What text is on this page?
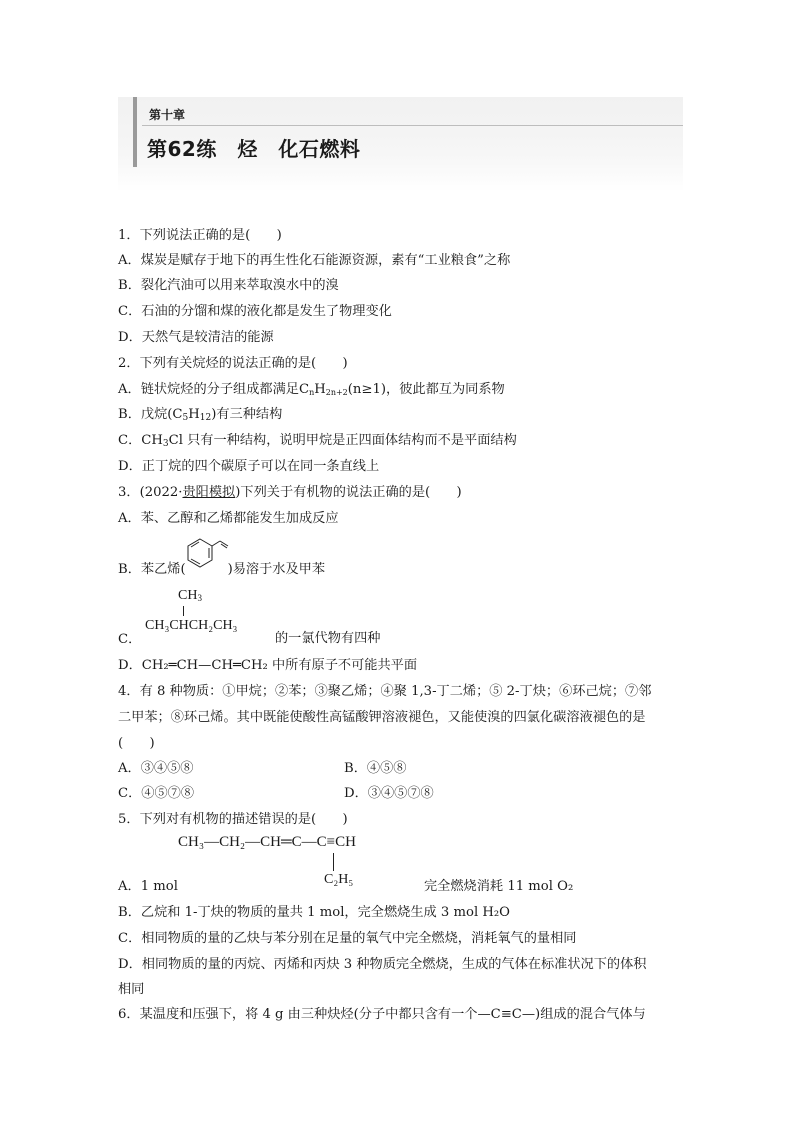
第十章
第62练　烃　化石燃料
1．下列说法正确的是(　　)
A．煤炭是赋存于地下的再生性化石能源资源，素有“工业粮食”之称
B．裂化汽油可以用来萃取溴水中的溴
C．石油的分馏和煤的液化都是发生了物理变化
D．天然气是较清洁的能源
2．下列有关烷烃的说法正确的是(　　)
A．链状烷烃的分子组成都满足CnH2n+2(n≥1)，彼此都互为同系物
B．戊烷$(C_5H_{12})$有三种结构
C．$CH_3Cl$ 只有一种结构，说明甲烷是正四面体结构而不是平面结构
D．正丁烷的四个碳原子可以在同一条直线上
3．(2022·贵阳模拟)下列关于有机物的说法正确的是(　　)
A．苯、乙醇和乙烯都能发生加成反应
B．苯乙烯(	)易溶于水及甲苯
$CH_3$
CH₃CHCH₂CH₃
C．	的一氯代物有四种
D．CH₂═CH—CH═CH₂ 中所有原子不可能共平面
4．有 8 种物质：①甲烷；②苯；③聚乙烯；④聚 1,3-丁二烯；⑤ 2-丁炔；⑥环己烷；⑦邻
二甲苯；⑧环己烯。其中既能使酸性高锰酸钾溶液褪色，又能使溴的四氯化碳溶液褪色的是
(　　)
A．③④⑤⑧	B．④⑤⑧
C．④⑤⑦⑧	D．③④⑤⑦⑧
5．下列对有机物的描述错误的是(　　)
CH₃—CH₂—CH═C—C≡CH
C₂H₅
A．1 mol	完全燃烧消耗 11 mol O₂
B．乙烷和 1-丁炔的物质的量共 1 mol，完全燃烧生成 3 mol H₂O
C．相同物质的量的乙炔与苯分别在足量的氧气中完全燃烧，消耗氧气的量相同
D．相同物质的量的丙烷、丙烯和丙炔 3 种物质完全燃烧，生成的气体在标准状况下的体积
相同
6．某温度和压强下，将 4 g 由三种炔烃(分子中都只含有一个—C≡C—)组成的混合气体与
